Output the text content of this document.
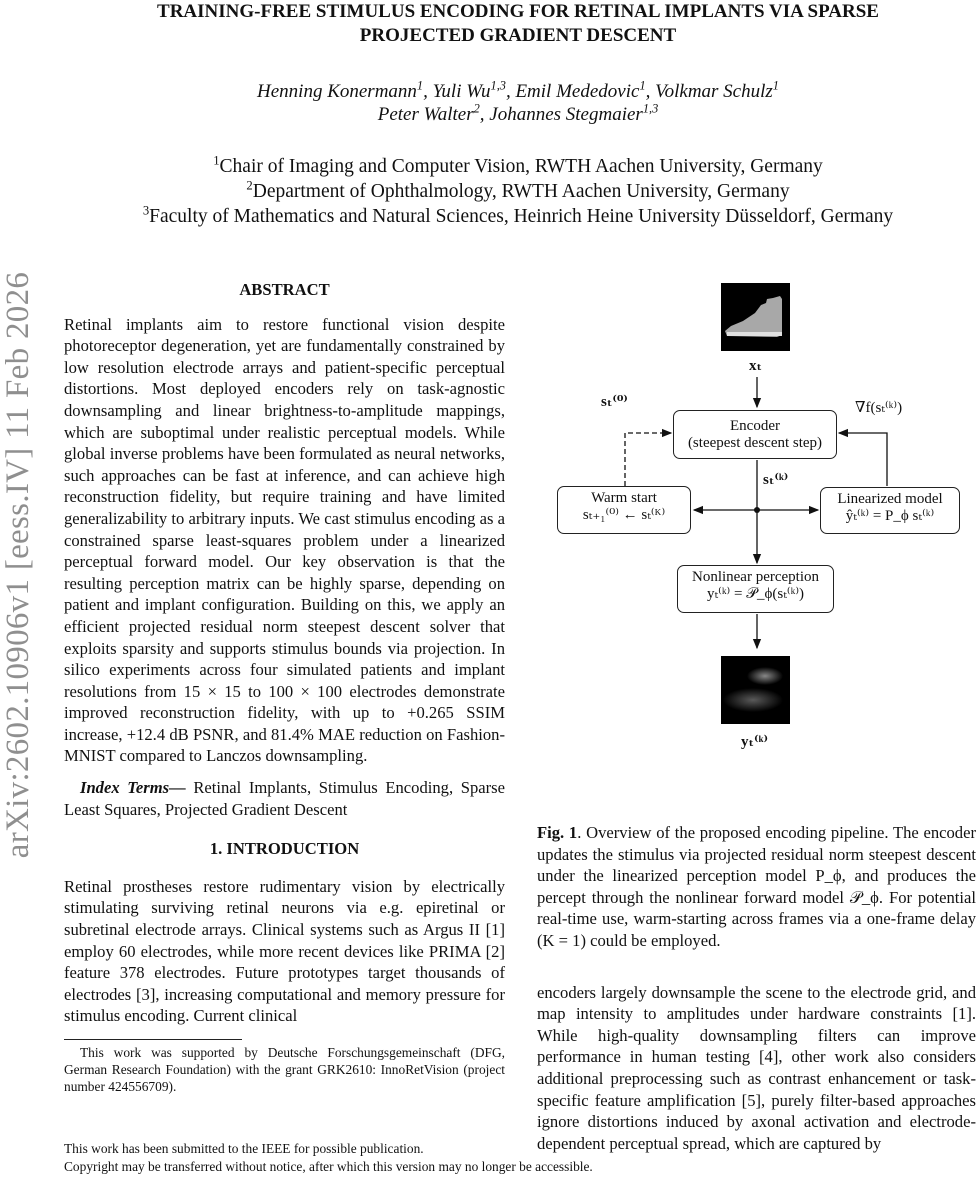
TRAINING-FREE STIMULUS ENCODING FOR RETINAL IMPLANTS VIA SPARSE
PROJECTED GRADIENT DESCENT
Henning Konermann$^1$, Yuli Wu$^{1,3}$, Emil Mededovic$^1$, Volkmar Schulz$^1$
Peter Walter$^2$, Johannes Stegmaier$^{1,3}$
$^1$Chair of Imaging and Computer Vision, RWTH Aachen University, Germany
$^2$Department of Ophthalmology, RWTH Aachen University, Germany
$^3$Faculty of Mathematics and Natural Sciences, Heinrich Heine University Düsseldorf, Germany
arXiv:2602.10906v1 [eess.IV] 11 Feb 2026	ABSTRACT

Retinal implants aim to restore functional vision despite photoreceptor degeneration, yet are fundamentally constrained by low resolution electrode arrays and patient-specific perceptual distortions. Most deployed encoders rely on task-agnostic downsampling and linear brightness-to-amplitude mappings, which are suboptimal under realistic perceptual models. While global inverse problems have been formulated as neural networks, such approaches can be fast at inference, and can achieve high reconstruction fidelity, but require training and have limited generalizability to arbitrary inputs. We cast stimulus encoding as a constrained sparse least-squares problem under a linearized perceptual forward model. Our key observation is that the resulting perception matrix can be highly sparse, depending on patient and implant configuration. Building on this, we apply an efficient projected residual norm steepest descent solver that exploits sparsity and supports stimulus bounds via projection. In silico experiments across four simulated patients and implant resolutions from 15 × 15 to 100 × 100 electrodes demonstrate improved reconstruction fidelity, with up to +0.265 SSIM increase, +12.4 dB PSNR, and 81.4% MAE reduction on Fashion-MNIST compared to Lanczos downsampling.

Index Terms— Retinal Implants, Stimulus Encoding, Sparse Least Squares, Projected Gradient Descent

1. INTRODUCTION

Retinal prostheses restore rudimentary vision by electrically stimulating surviving retinal neurons via e.g. epiretinal or subretinal electrode arrays. Clinical systems such as Argus II [1] employ 60 electrodes, while more recent devices like PRIMA [2] feature 378 electrodes. Future prototypes target thousands of electrodes [3], increasing computational and memory pressure for stimulus encoding. Current clinical

This work was supported by Deutsche Forschungsgemeinschaft (DFG, German Research Foundation) with the grant GRK2610: InnoRetVision (project number 424556709).

xₜ
sₜ⁽⁰⁾	∇f(sₜ⁽ᵏ⁾)
sₜ⁽ᵏ⁾
Encoder
(steepest descent step)
Warm start
sₜ₊₁⁽⁰⁾ ← sₜ⁽ᴷ⁾
Linearized model
ŷₜ⁽ᵏ⁾ = P_ϕ sₜ⁽ᵏ⁾
Nonlinear perception
yₜ⁽ᵏ⁾ = 𝒫_ϕ(sₜ⁽ᵏ⁾)
yₜ⁽ᵏ⁾

Fig. 1. Overview of the proposed encoding pipeline. The encoder updates the stimulus via projected residual norm steepest descent under the linearized perception model P_ϕ, and produces the percept through the nonlinear forward model 𝒫_ϕ. For potential real-time use, warm-starting across frames via a one-frame delay (K = 1) could be employed.

encoders largely downsample the scene to the electrode grid, and map intensity to amplitudes under hardware constraints [1]. While high-quality downsampling filters can improve performance in human testing [4], other work also considers additional preprocessing such as contrast enhancement or task-specific feature amplification [5], purely filter-based approaches ignore distortions induced by axonal activation and electrode-dependent perceptual spread, which are captured by

This work has been submitted to the IEEE for possible publication.
Copyright may be transferred without notice, after which this version may no longer be accessible.
